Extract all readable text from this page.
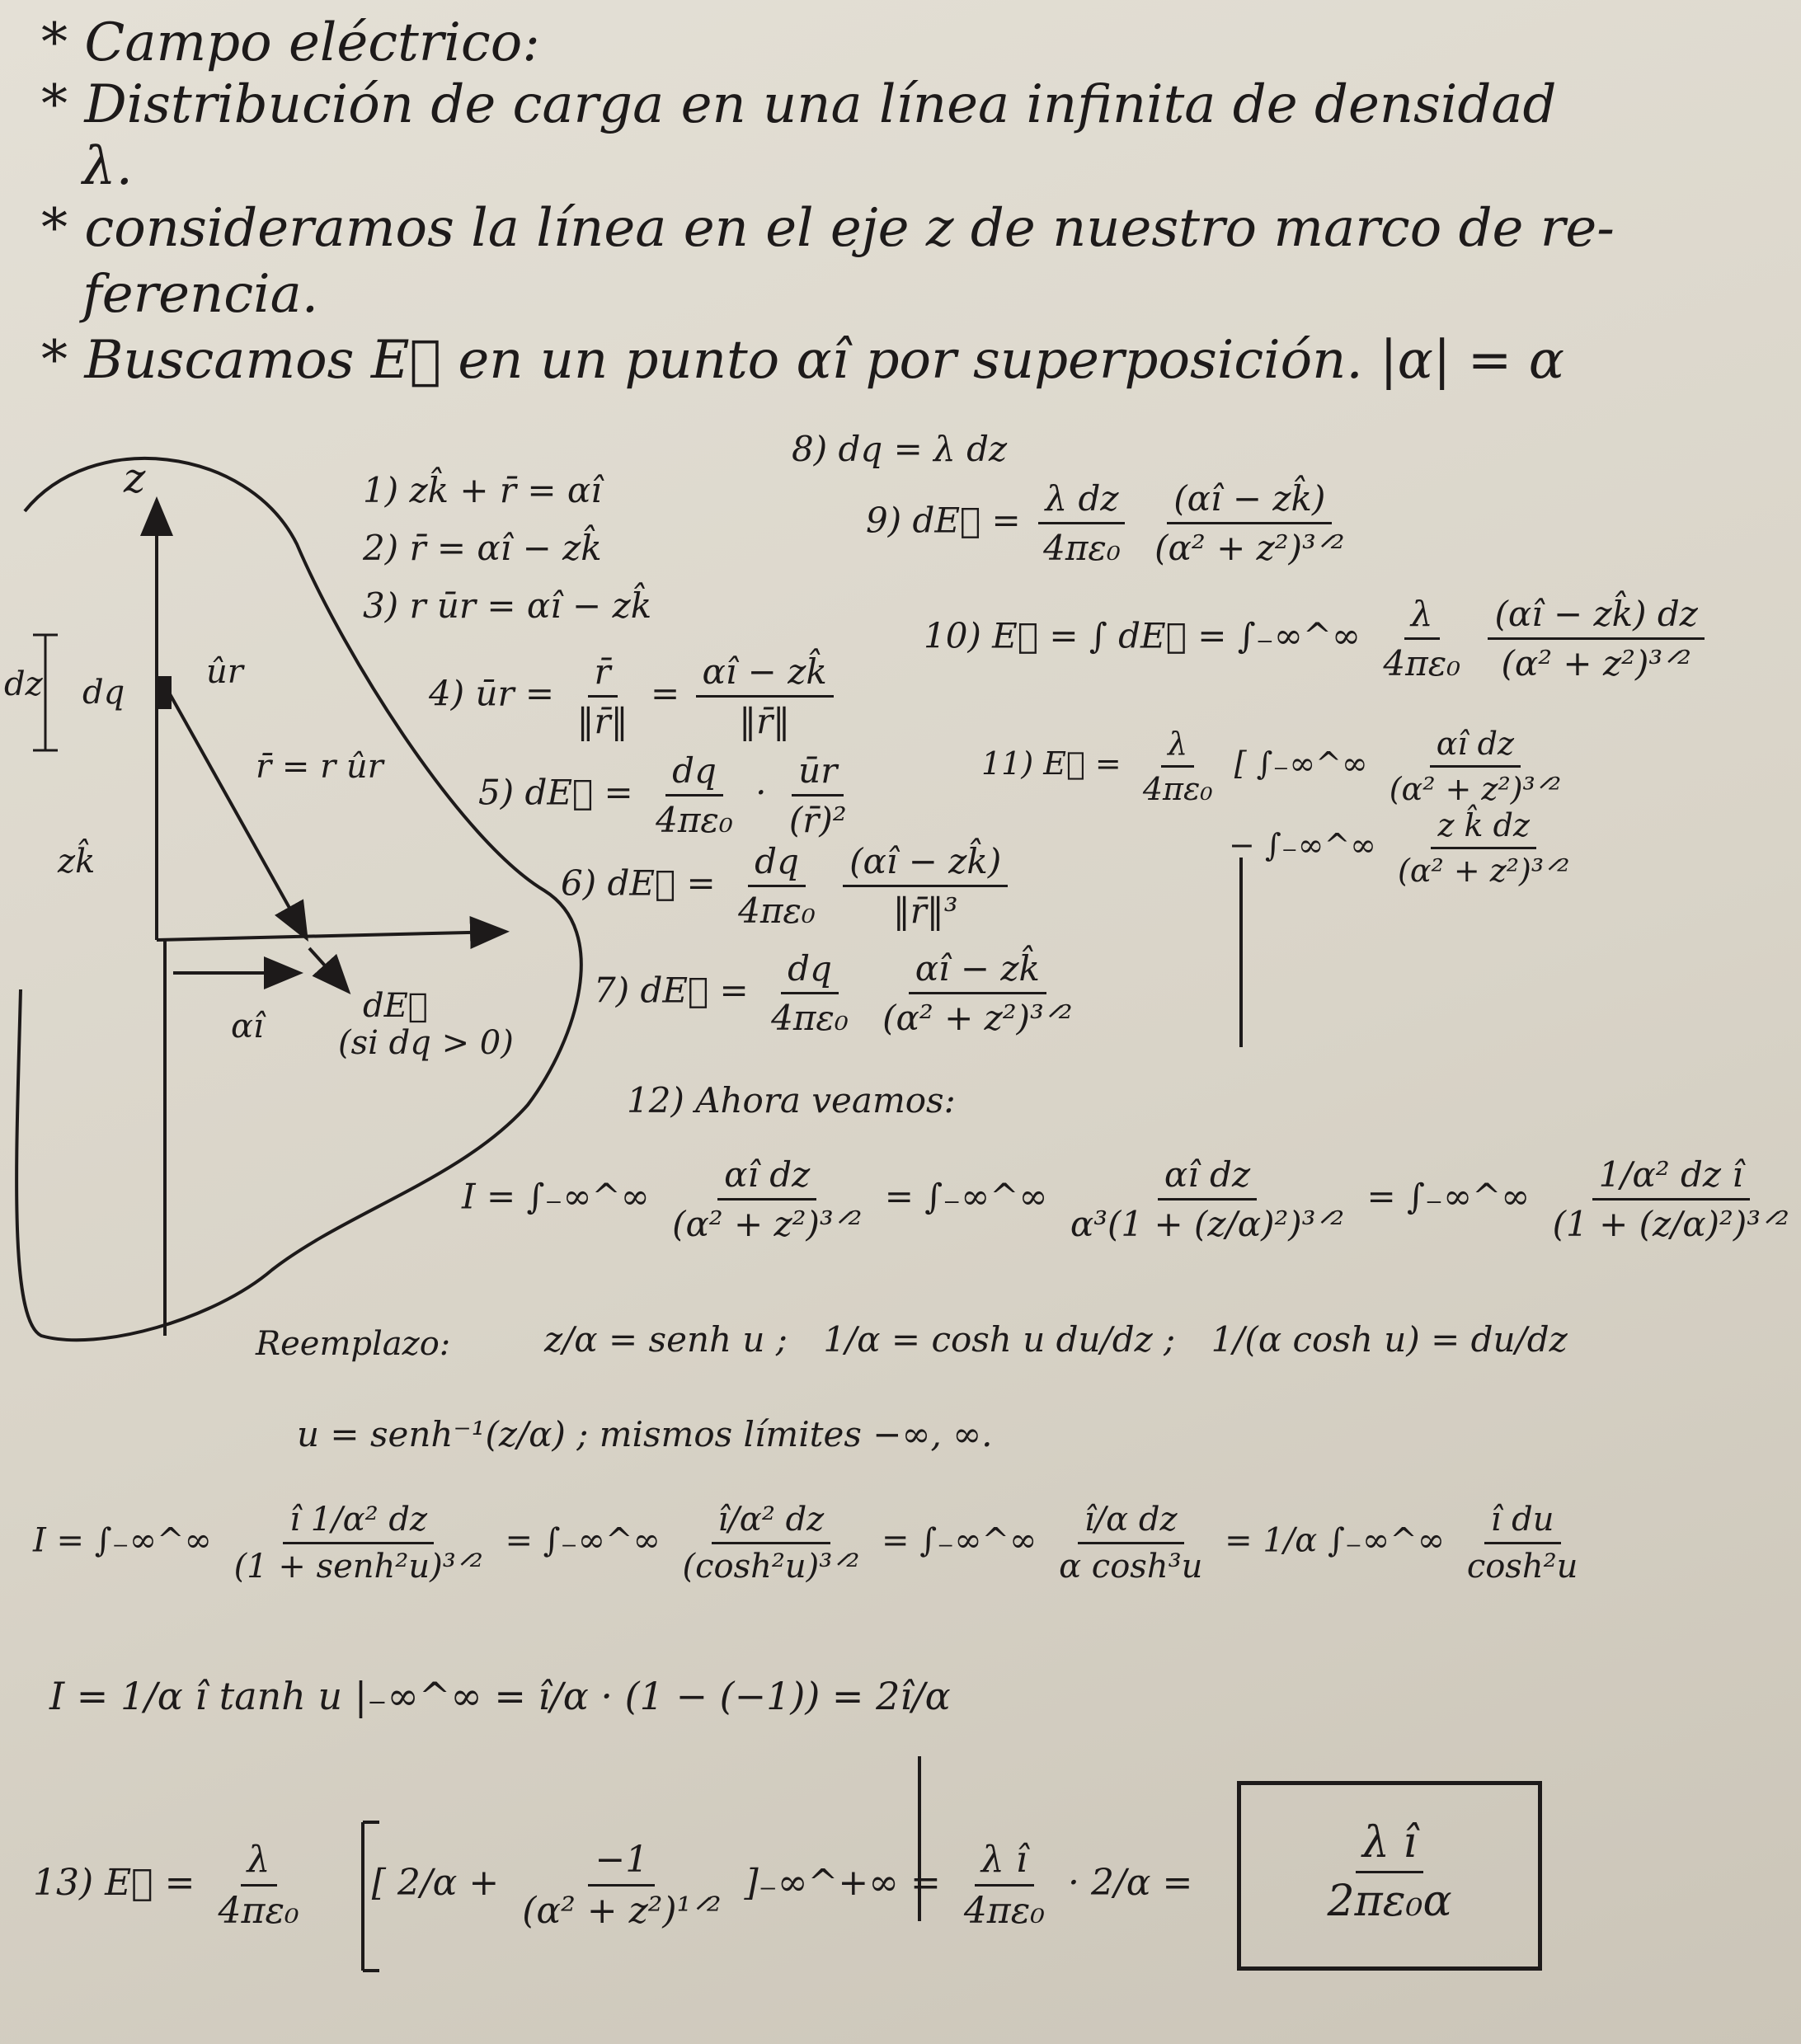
* Campo eléctrico:
* Distribución de carga en una línea infinita de densidad
λ.
* consideramos la línea en el eje z de nuestro marco de re-
ferencia.
* Buscamos E⃗ en un punto αî por superposición. |α| = α
z
dz dq
ûr
r̄ = r ûr
zk̂
αî
dE⃗
(si dq > 0)
1) zk̂ + r̄ = αî
2) r̄ = αî − zk̂
3) r ūr = αî − zk̂
4) ūr = $\frac{r̄}{‖r̄‖} = \frac{\alpha î - zk̂}{‖r̄‖}$
5) dE⃗ = $\frac{dq}{\text{4πε₀}} \cdot \frac{ūr}{\text{(r̄)²}}$
6) dE⃗ = $\frac{dq}{\text{4πε₀}}$
$\frac{(\alpha î - zk̂)}{\text{‖r̄‖³}}$
7) dE⃗ = $\frac{dq}{\text{4πε₀}}$
$\frac{\alpha î - zk̂}{\text{(α² + z²)³ᐟ²}}$
8) dq = λ dz
9) dE⃗ = $\frac{\text{λ dz}}{\text{4πε₀}}$
$\frac{(\alpha î - zk̂)}{\text{(α² + z²)³ᐟ²}}$
10) E⃗ = ∫ dE⃗ = ∫₋∞^∞ $\frac{\lambda}{\text{4πε₀}}$
$\frac{(\alpha î - zk̂) dz}{\text{(α² + z²)³ᐟ²}}$
11) E⃗ = $\frac{\lambda}{\text{4πε₀}}$ [ ∫₋∞^∞ $\frac{\text{αî dz}}{\text{(α² + z²)³ᐟ²}}$

− ∫₋∞^∞ $\frac{\text{z k̂ dz}}{\text{(α² + z²)³ᐟ²}}$
12) Ahora veamos:
I = ∫₋∞^∞ $\frac{\text{αî dz}}{\text{(α² + z²)³ᐟ²}}$ = ∫₋∞^∞ $\frac{\text{αî dz}}{\text{α³(1 + (z/α)²)³ᐟ²}}$ = ∫₋∞^∞ $\frac{\text{1/α² dz î}}{\text{(1 + (z/α)²)³ᐟ²}}$
Reemplazo:	z/α = senh u ; 1/α = cosh u du/dz ; 1/(α cosh u) = du/dz
u = senh⁻¹(z/α) ; mismos límites −∞, ∞.
I = ∫₋∞^∞ $\frac{\text{î 1/α² dz}}{\text{(1 + senh²u)³ᐟ²}}$ = ∫₋∞^∞ $\frac{\text{î/α² dz}}{\text{(cosh²u)³ᐟ²}}$ = ∫₋∞^∞ $\frac{\text{î/α dz}}{\text{α cosh³u}} = 1/\alpha$ ∫₋∞^∞ $\frac{\text{î du}}{\text{cosh²u}}$
I = 1/α î tanh u |₋∞^∞ = î/α · (1 − (−1)) = 2î/α
13) E⃗ = $\frac{\lambda}{\text{4πε₀}}$ [ $2/\alpha + \frac{-1}{\text{(α² + z²)¹ᐟ²}}$ ]₋∞^+∞ = $\frac{\text{λ î}}{\text{4πε₀}} \cdot 2/\alpha$ =	$\frac{\text{λ î}}{\text{2πε₀α}}$
